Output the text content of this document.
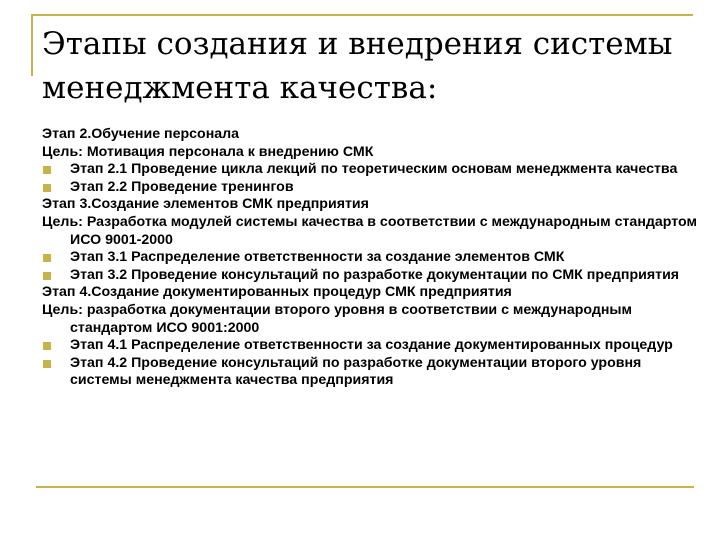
Этапы создания и внедрения системы
менеджмента качества:

Этап 2.Обучение персонала

Цель: Мотивация персонала к внедрению СМК

Этап 2.1 Проведение цикла лекций по теоретическим основам менеджмента качества
Этап 2.2 Проведение тренингов

Этап 3.Создание элементов СМК предприятия

Цель: Разработка модулей системы качества в соответствии с международным стандартом ИСО 9001-2000

Этап 3.1 Распределение ответственности за создание элементов СМК
Этап 3.2 Проведение консультаций по разработке документации по СМК предприятия

Этап 4.Создание документированных процедур СМК предприятия

Цель: разработка документации второго уровня в соответствии с международным стандартом ИСО 9001:2000

Этап 4.1 Распределение ответственности за создание документированных процедур
Этап 4.2 Проведение консультаций по разработке документации второго уровня системы менеджмента качества предприятия
